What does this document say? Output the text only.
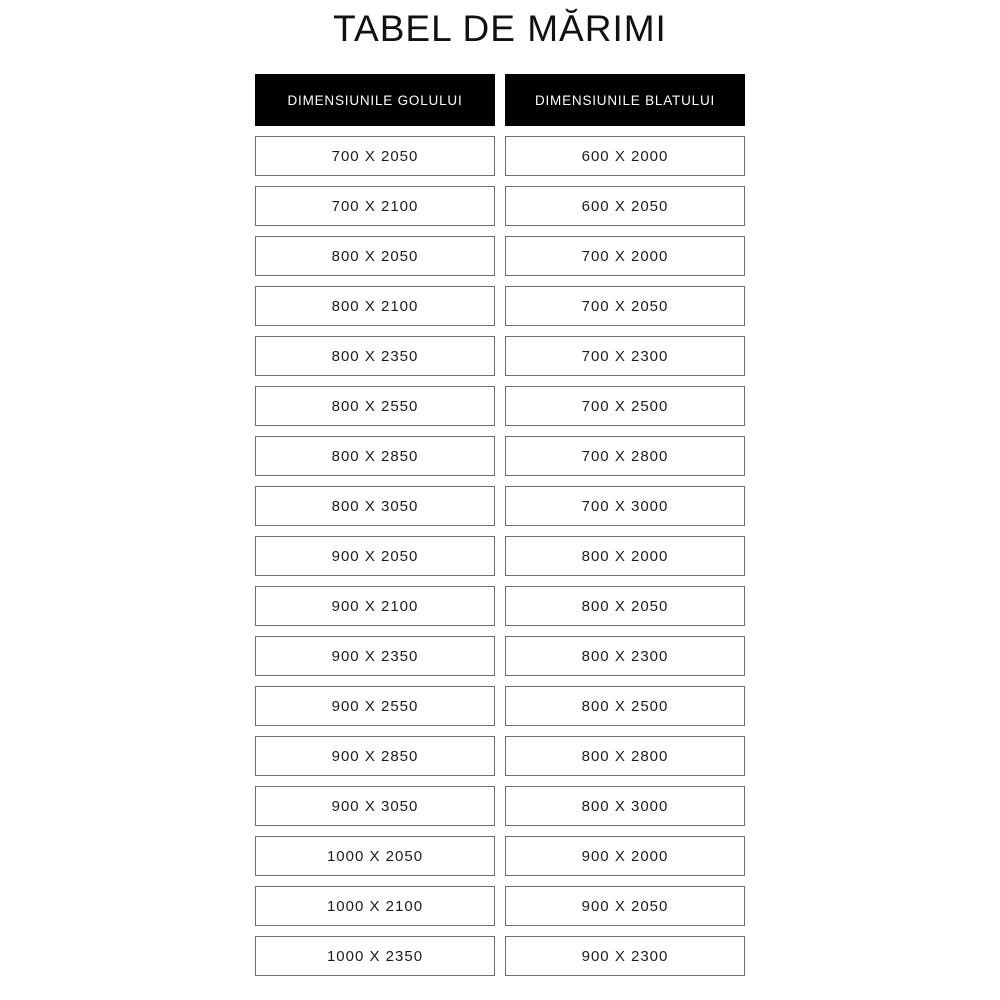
TABEL DE MĂRIMI
DIMENSIUNILE GOLULUI
700 X 2050
700 X 2100
800 X 2050
800 X 2100
800 X 2350
800 X 2550
800 X 2850
800 X 3050
900 X 2050
900 X 2100
900 X 2350
900 X 2550
900 X 2850
900 X 3050
1000 X 2050
1000 X 2100
1000 X 2350
DIMENSIUNILE BLATULUI
600 X 2000
600 X 2050
700 X 2000
700 X 2050
700 X 2300
700 X 2500
700 X 2800
700 X 3000
800 X 2000
800 X 2050
800 X 2300
800 X 2500
800 X 2800
800 X 3000
900 X 2000
900 X 2050
900 X 2300
